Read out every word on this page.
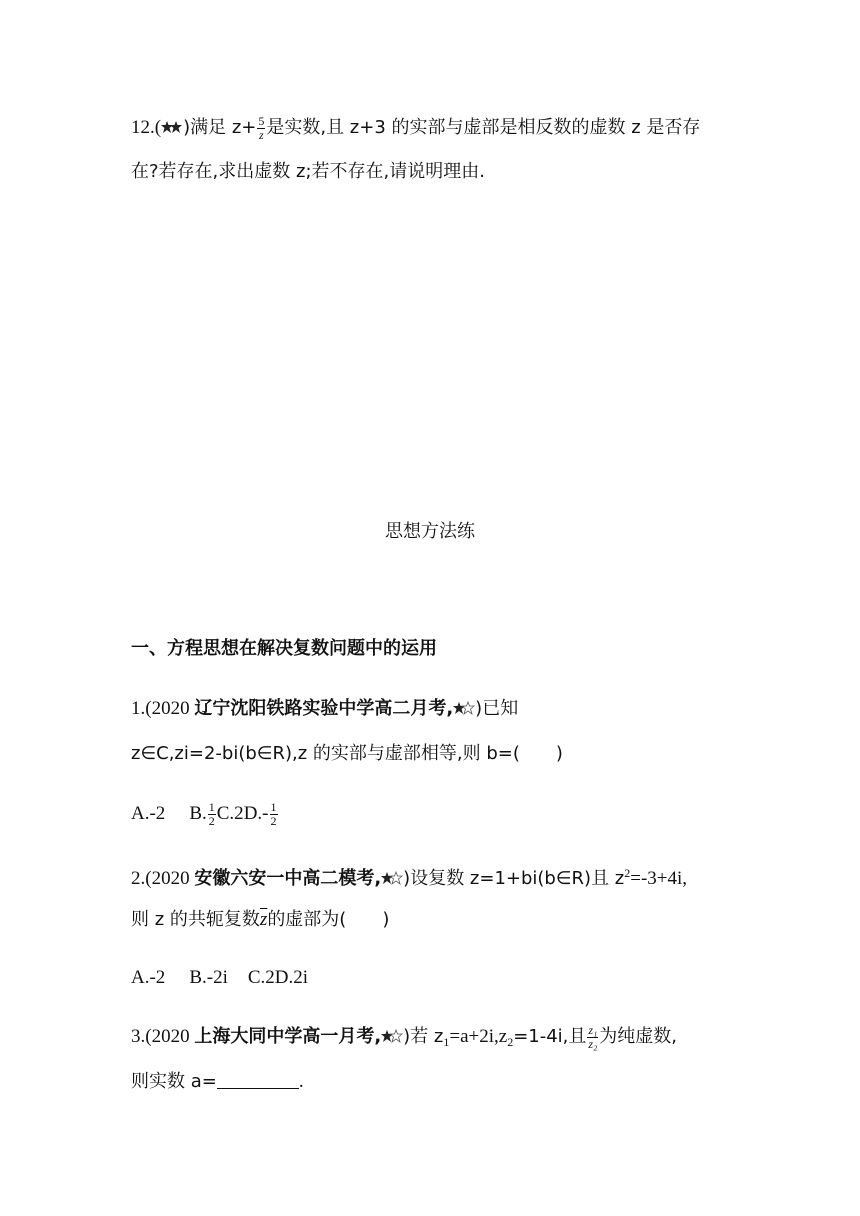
12.( )满足 $z+ \frac{5}{z}$ 是实数,且 z+3 的实部与虚部是相反数的虚数 z 是否存
在?若存在,求出虚数 z;若不存在,请说明理由.
思想方法练
一、方程思想在解决复数问题中的运用
1.(2020 辽宁沈阳铁路实验中学高二月考, )已知
z∈C,zi=2-bi(b∈R),z 的实部与虚部相等,则 b=(　　)
A.-2 B. $\frac{1}{2} C.2D.- \frac{1}{2}$
2.(2020 安徽六安一中高二模考, )设复数 z=1+bi(b∈R)且 $z^2=-3+4i$,
则 z 的共轭复数$\overline{z}$的虚部为(　　)
A.-2 B.-2i C.2D.2i
3.(2020 上海大同中学高一月考, )若 $z_1=a+2i,z_2=1-4i$,且 $\frac{\text{z₁}}{\text{z₂}}$ 为纯虚数,
则实数 a=	.
